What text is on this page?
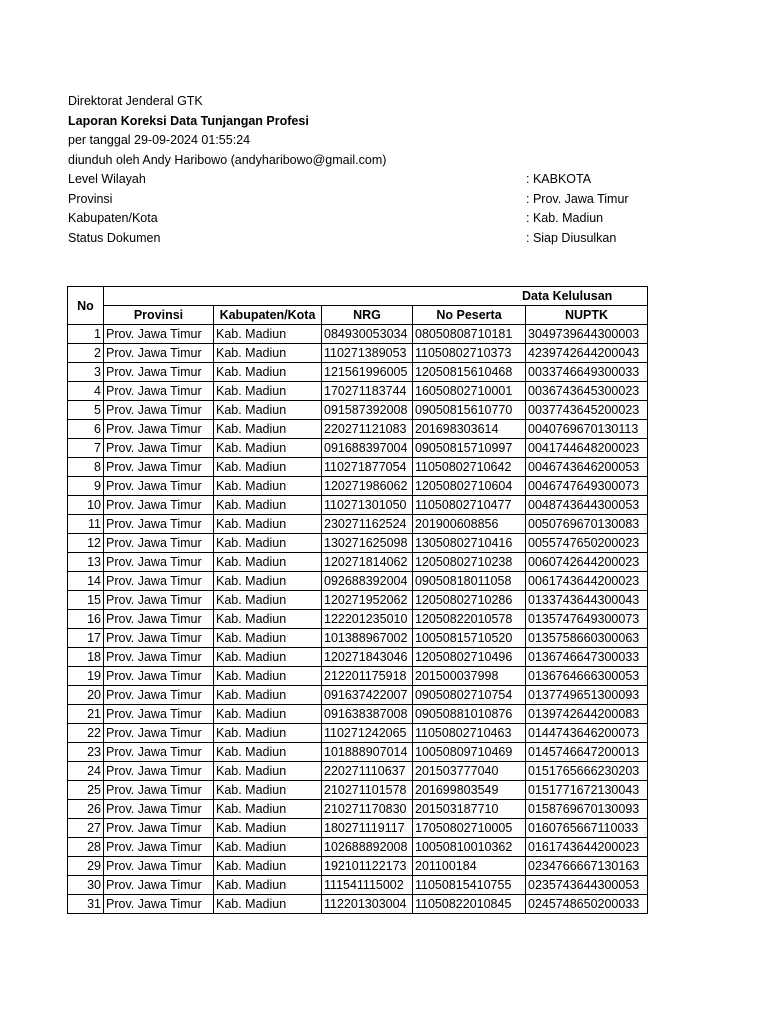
Direktorat Jenderal GTK
Laporan Koreksi Data Tunjangan Profesi
per tanggal 29-09-2024 01:55:24
diunduh oleh Andy Haribowo (andyharibowo@gmail.com)
Level Wilayah	: KABKOTA
Provinsi	: Prov. Jawa Timur
Kabupaten/Kota	: Kab. Madiun
Status Dokumen	: Siap Diusulkan
No	Data Kelulusan				
	Provinsi	Kabupaten/Kota	NRG	No Peserta	NUPTK
1	Prov. Jawa Timur	Kab. Madiun	084930053034	08050808710181	3049739644300003
2	Prov. Jawa Timur	Kab. Madiun	110271389053	11050802710373	4239742644200043
3	Prov. Jawa Timur	Kab. Madiun	121561996005	12050815610468	0033746649300033
4	Prov. Jawa Timur	Kab. Madiun	170271183744	16050802710001	0036743645300023
5	Prov. Jawa Timur	Kab. Madiun	091587392008	09050815610770	0037743645200023
6	Prov. Jawa Timur	Kab. Madiun	220271121083	201698303614	0040769670130113
7	Prov. Jawa Timur	Kab. Madiun	091688397004	09050815710997	0041744648200023
8	Prov. Jawa Timur	Kab. Madiun	110271877054	11050802710642	0046743646200053
9	Prov. Jawa Timur	Kab. Madiun	120271986062	12050802710604	0046747649300073
10	Prov. Jawa Timur	Kab. Madiun	110271301050	11050802710477	0048743644300053
11	Prov. Jawa Timur	Kab. Madiun	230271162524	201900608856	0050769670130083
12	Prov. Jawa Timur	Kab. Madiun	130271625098	13050802710416	0055747650200023
13	Prov. Jawa Timur	Kab. Madiun	120271814062	12050802710238	0060742644200023
14	Prov. Jawa Timur	Kab. Madiun	092688392004	09050818011058	0061743644200023
15	Prov. Jawa Timur	Kab. Madiun	120271952062	12050802710286	0133743644300043
16	Prov. Jawa Timur	Kab. Madiun	122201235010	12050822010578	0135747649300073
17	Prov. Jawa Timur	Kab. Madiun	101388967002	10050815710520	0135758660300063
18	Prov. Jawa Timur	Kab. Madiun	120271843046	12050802710496	0136746647300033
19	Prov. Jawa Timur	Kab. Madiun	212201175918	201500037998	0136764666300053
20	Prov. Jawa Timur	Kab. Madiun	091637422007	09050802710754	0137749651300093
21	Prov. Jawa Timur	Kab. Madiun	091638387008	09050881010876	0139742644200083
22	Prov. Jawa Timur	Kab. Madiun	110271242065	11050802710463	0144743646200073
23	Prov. Jawa Timur	Kab. Madiun	101888907014	10050809710469	0145746647200013
24	Prov. Jawa Timur	Kab. Madiun	220271110637	201503777040	0151765666230203
25	Prov. Jawa Timur	Kab. Madiun	210271101578	201699803549	0151771672130043
26	Prov. Jawa Timur	Kab. Madiun	210271170830	201503187710	0158769670130093
27	Prov. Jawa Timur	Kab. Madiun	180271119117	17050802710005	0160765667110033
28	Prov. Jawa Timur	Kab. Madiun	102688892008	10050810010362	0161743644200023
29	Prov. Jawa Timur	Kab. Madiun	192101122173	201100184	0234766667130163
30	Prov. Jawa Timur	Kab. Madiun	111541115002	11050815410755	0235743644300053
31	Prov. Jawa Timur	Kab. Madiun	112201303004	11050822010845	0245748650200033
